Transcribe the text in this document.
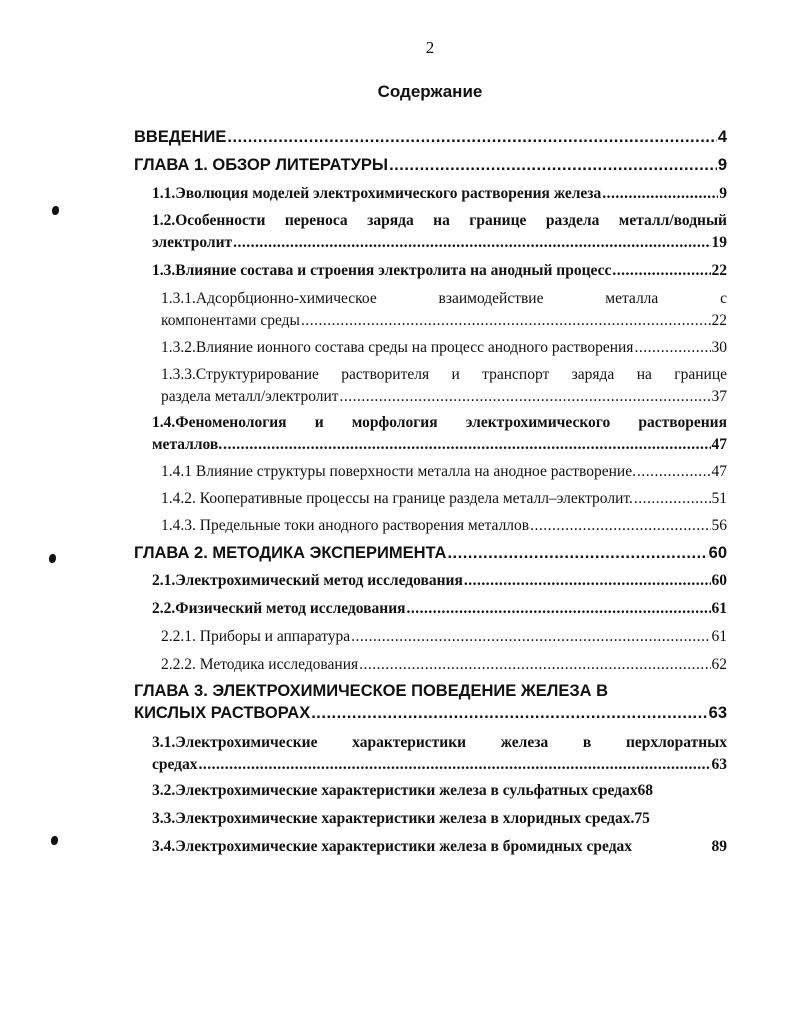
2
Содержание
ВВЕДЕНИЕ .....	4
ГЛАВА 1. ОБЗОР ЛИТЕРАТУРЫ .....	9
1.1.Эволюция моделей электрохимического растворения железа .....	9
1.2.Особенности переноса заряда на границе раздела металл/водный
электролит .....	19
1.3.Влияние состава и строения электролита на анодный процесс .....	22
1.3.1.Адсорбционно-химическое взаимодействие металла с
компонентами среды .....	22
1.3.2.Влияние ионного состава среды на процесс анодного растворения .....	30
1.3.3.Структурирование растворителя и транспорт заряда на границе
раздела металл/электролит .....	37
1.4.Феноменология и морфология электрохимического растворения
металлов. .....	47
1.4.1 Влияние структуры поверхности металла на анодное растворение. .....	47
1.4.2. Кооперативные процессы на границе раздела металл–электролит. .....	51
1.4.3. Предельные токи анодного растворения металлов .....	56
ГЛАВА 2. МЕТОДИКА ЭКСПЕРИМЕНТА .....	60
2.1.Электрохимический метод исследования .....	60
2.2.Физический метод исследования .....	61
2.2.1. Приборы и аппаратура .....	61
2.2.2. Методика исследования .....	62
ГЛАВА 3. ЭЛЕКТРОХИМИЧЕСКОЕ ПОВЕДЕНИЕ ЖЕЛЕЗА В
КИСЛЫХ РАСТВОРАХ .....	63
3.1.Электрохимические характеристики железа в перхлоратных
средах .....	63
3.2.Электрохимические характеристики железа в сульфатных средах 68
3.3.Электрохимические характеристики железа в хлоридных средах. 75
3.4.Электрохимические характеристики железа в бромидных средах	89
